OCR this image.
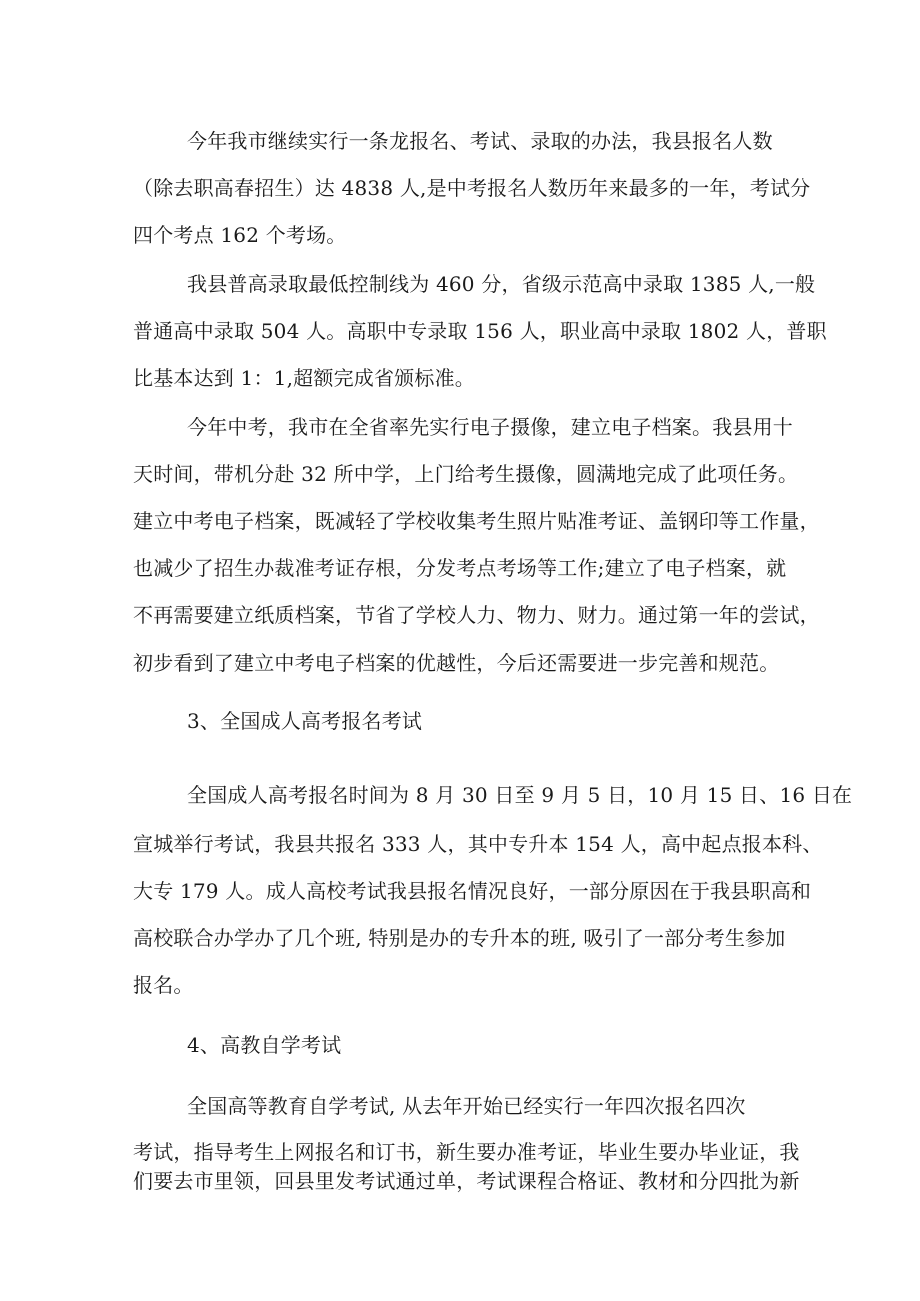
今年我市继续实行一条龙报名、考试、录取的办法，我县报名人数
（除去职高春招生）达 4838 人,是中考报名人数历年来最多的一年，考试分
四个考点 162 个考场。
我县普高录取最低控制线为 460 分，省级示范高中录取 1385 人,一般
普通高中录取 504 人。高职中专录取 156 人，职业高中录取 1802 人，普职
比基本达到 1：1,超额完成省颁标准。
今年中考，我市在全省率先实行电子摄像，建立电子档案。我县用十
天时间，带机分赴 32 所中学，上门给考生摄像，圆满地完成了此项任务。
建立中考电子档案，既减轻了学校收集考生照片贴准考证、盖钢印等工作量，
也减少了招生办裁准考证存根，分发考点考场等工作;建立了电子档案，就
不再需要建立纸质档案，节省了学校人力、物力、财力。通过第一年的尝试，
初步看到了建立中考电子档案的优越性，今后还需要进一步完善和规范。
3、全国成人高考报名考试
全国成人高考报名时间为 8 月 30 日至 9 月 5 日，10 月 15 日、16 日在
宣城举行考试，我县共报名 333 人，其中专升本 154 人，高中起点报本科、
大专 179 人。成人高校考试我县报名情况良好，一部分原因在于我县职高和
高校联合办学办了几个班, 特别是办的专升本的班, 吸引了一部分考生参加
报名。
4、高教自学考试
全国高等教育自学考试, 从去年开始已经实行一年四次报名四次
考试，指导考生上网报名和订书，新生要办准考证，毕业生要办毕业证，我
们要去市里领，回县里发考试通过单，考试课程合格证、教材和分四批为新
